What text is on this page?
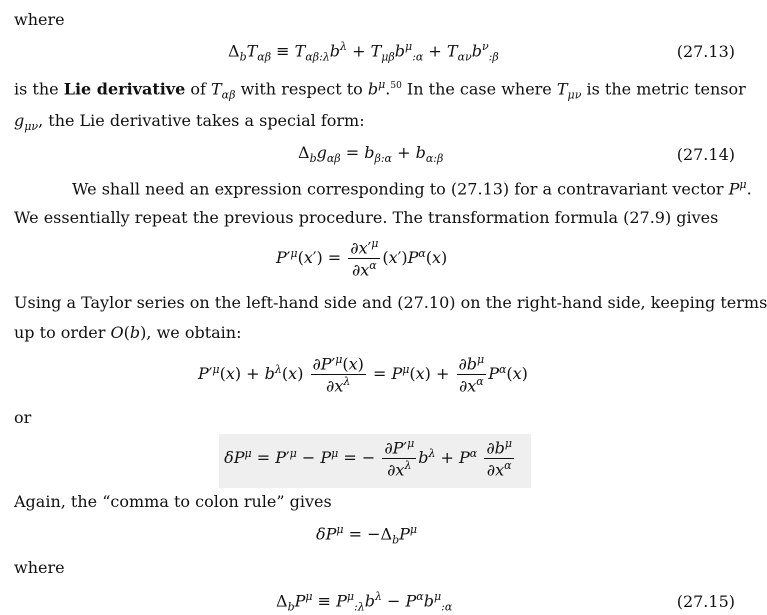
where
$\Delta_bT_{\alpha\beta} \equiv T_{\alpha\beta:\lambda}b^\lambda + T_{\mu\beta}b^\mu_{:\alpha} + T_{\alpha\nu}b^\nu_{:\beta}$	(27.13)
is the Lie derivative of $T_{\alpha\beta}$ with respect to $b^\mu.^{50}$ In the case where $T_{\mu\nu}$ is the metric tensor
$g_{\mu\nu}$, the Lie derivative takes a special form:
$\Delta_bg_{\alpha\beta} = b_{\beta:\alpha} + b_{\alpha:\beta}$	(27.14)
We shall need an expression corresponding to (27.13) for a contravariant vector $P^\mu$.
We essentially repeat the previous procedure. The transformation formula (27.9) gives
$P'^\mu(x') = \frac{\partial x'^\mu}{\partial x^\alpha} (x')P^\alpha(x)$
Using a Taylor series on the left-hand side and (27.10) on the right-hand side, keeping terms
up to order O(b), we obtain:
$P'^\mu(x) + b^\lambda(x) \frac{\partial P'^\mu(x)}{\partial x^\lambda} = P^\mu(x) + \frac{\partial b^\mu}{\partial x^\alpha} P^\alpha(x)$
or
$\delta P^\mu = P'^\mu - P^\mu$ = − $\frac{\partial P'^\mu}{\partial x^\lambda} b^\lambda + P^\alpha \frac{\partial b^\mu}{\partial x^\alpha}$
Again, the “comma to colon rule” gives
$\delta P^\mu = -\Delta_bP^\mu$
where
$\Delta_bP^\mu \equiv P^\mu_{:\lambda}b^\lambda - P^\alpha b^\mu_{:\alpha}$	(27.15)
